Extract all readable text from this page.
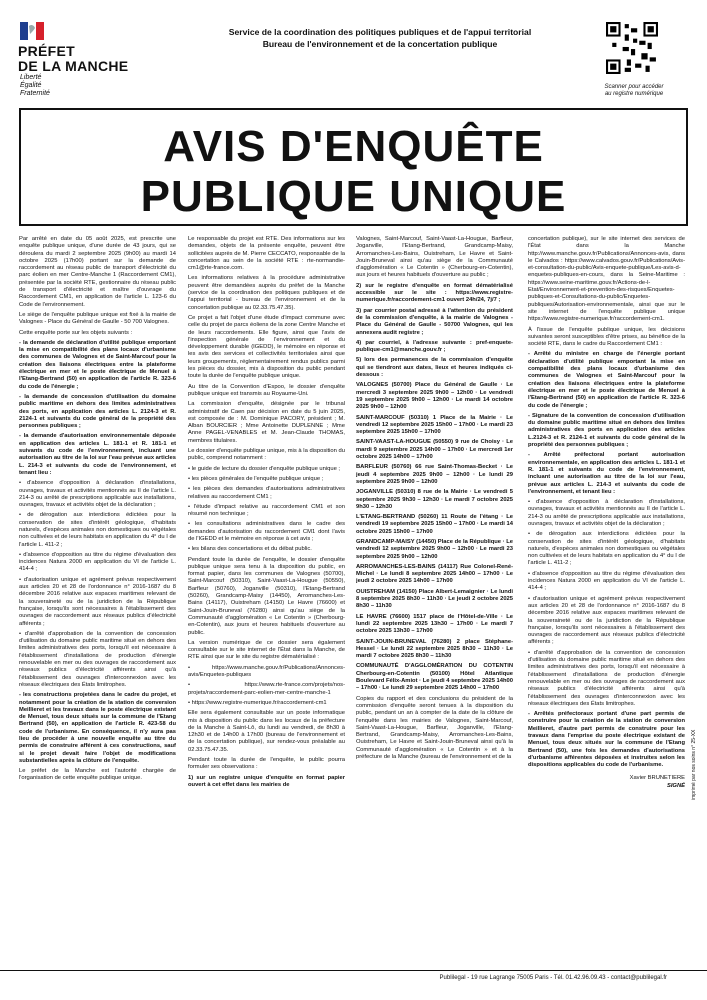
PRÉFET
DE LA MANCHE
Liberté
Égalité
Fraternité
Service de la coordination des politiques publiques et de l'appui territorial
Bureau de l'environnement et de la concertation publique
Scanner pour accéder
au registre numérique
AVIS D'ENQUÊTE
PUBLIQUE UNIQUE

Par arrêté en date du 05 août 2025, est prescrite une enquête publique unique, d'une durée de 43 jours, qui se déroulera du mardi 2 septembre 2025 (9h00) au mardi 14 octobre 2025 (17h00) portant sur la demande de raccordement au réseau public de transport d'électricité du parc éolien en mer Centre-Manche 1 (Raccordement CM1), présentée par la société RTE, gestionnaire du réseau public de transport d'électricité et maître d'ouvrage du Raccordement CM1, en application de l'article L. 123-6 du Code de l'environnement.

Le siège de l'enquête publique unique est fixé à la mairie de Valognes - Place du Général de Gaulle - 50 700 Valognes.

Cette enquête porte sur les objets suivants :

- la demande de déclaration d'utilité publique emportant la mise en compatibilité des plans locaux d'urbanisme des communes de Valognes et de Saint-Marcouf pour la création des liaisons électriques entre la plateforme électrique en mer et le poste électrique de Menuel à l'Etang-Bertrand (50) en application de l'article R. 323-6 du code de l'énergie ;

- la demande de concession d'utilisation du domaine public maritime en dehors des limites administratives des ports, en application des articles L. 2124-3 et R. 2124-1 et suivants du code général de la propriété des personnes publiques ;

- la demande d'autorisation environnementale déposée en application des articles L. 181-1 et R. 181-1 et suivants du code de l'environnement, incluant une autorisation au titre de la loi sur l'eau prévue aux articles L. 214-3 et suivants du code de l'environnement, et tenant lieu :

• d'absence d'opposition à déclaration d'installations, ouvrages, travaux et activités mentionnés au II de l'article L. 214-3 ou arrêté de prescriptions applicable aux installations, ouvrages, travaux et activités objet de la déclaration ;

• de dérogation aux interdictions édictées pour la conservation de sites d'intérêt géologique, d'habitats naturels, d'espèces animales non domestiques ou végétales non cultivées et de leurs habitats en application du 4° du I de l'article L. 411-2 ;

• d'absence d'opposition au titre du régime d'évaluation des incidences Natura 2000 en application du VI de l'article L. 414-4 ;

• d'autorisation unique et agrément prévus respectivement aux articles 20 et 28 de l'ordonnance n° 2016-1687 du 8 décembre 2016 relative aux espaces maritimes relevant de la souveraineté ou de la juridiction de la République française, lorsqu'ils sont nécessaires à l'établissement des ouvrages de raccordement aux réseaux publics d'électricité afférents ;

• d'arrêté d'approbation de la convention de concession d'utilisation du domaine public maritime situé en dehors des limites administratives des ports, lorsqu'il est nécessaire à l'établissement d'installations de production d'énergie renouvelable en mer ou des ouvrages de raccordement aux réseaux publics d'électricité afférents ainsi qu'à l'établissement des ouvrages d'interconnexion avec les réseaux électriques des États limitrophes.

- les constructions projetées dans le cadre du projet, et notamment pour la création de la station de conversion Meillieret et les travaux dans le poste électrique existant de Menuel, tous deux situés sur la commune de l'Etang Bertrand (50), en application de l'article R. 423-58 du code de l'urbanisme. En conséquence, il n'y aura pas lieu de procéder à une nouvelle enquête au titre du permis de construire afférent à ces constructions, sauf si le projet devait faire l'objet de modifications substantielles après la clôture de l'enquête.

Le préfet de la Manche est l'autorité chargée de l'organisation de cette enquête publique unique.

Le responsable du projet est RTE. Des informations sur les demandes, objets de la présente enquête, peuvent être sollicitées auprès de M. Pierre CECCATO, responsable de la concertation au sein de la société RTE : rte-normandie-cm1@rte-france.com.

Les informations relatives à la procédure administrative peuvent être demandées auprès du préfet de la Manche (service de la coordination des politiques publiques et de l'appui territorial - bureau de l'environnement et de la concertation publique au 02.33.75.47.35).

Ce projet a fait l'objet d'une étude d'impact commune avec celle du projet de parcs éoliens de la zone Centre Manche et de leurs raccordements. Elle figure, ainsi que l'avis de l'inspection générale de l'environnement et du développement durable (IGEDD), le mémoire en réponse et les avis des services et collectivités territoriales ainsi que leurs groupements, réglementairement rendus publics parmi les pièces du dossier, mis à disposition du public pendant toute la durée de l'enquête publique unique.

Au titre de la Convention d'Espoo, le dossier d'enquête publique unique est transmis au Royaume-Uni.

La commission d'enquête, désignée par le tribunal administratif de Caen par décision en date du 5 juin 2025, est composée de : M. Dominique PACORY, président ; M. Alban BOURCIER ; Mme Antoinette DUPLENNE ; Mme Anne PAGEL-VENABLES et M. Jean-Claude THOMAS, membres titulaires.

Le dossier d'enquête publique unique, mis à la disposition du public, comprend notamment :

• le guide de lecture du dossier d'enquête publique unique ;

• les pièces générales de l'enquête publique unique ;

• les pièces des demandes d'autorisations administratives relatives au raccordement CM1 ;

• l'étude d'impact relative au raccordement CM1 et son résumé non technique ;

• les consultations administratives dans le cadre des demandes d'autorisation du raccordement CM1 dont l'avis de l'IGEDD et le mémoire en réponse à cet avis ;

• les bilans des concertations et du débat public.

Pendant toute la durée de l'enquête, le dossier d'enquête publique unique sera tenu à la disposition du public, en format papier, dans les communes de Valognes (50700), Saint-Marcouf (50310), Saint-Vaast-La-Hougue (50550), Barfleur (50760), Joganville (50310), l'Etang-Bertrand (50260), Grandcamp-Maisy (14450), Arromanches-Les-Bains (14117), Ouistreham (14150) Le Havre (76600) et Saint-Jouin-Bruneval (76280) ainsi qu'au siège de la Communauté d'agglomération « Le Cotentin » (Cherbourg-en-Cotentin), aux jours et heures habituels d'ouverture au public.

La version numérique de ce dossier sera également consultable sur le site internet de l'État dans la Manche, de RTE ainsi que sur le site du registre dématérialisé :

• https://www.manche.gouv.fr/Publications/Annonces-avis/Enquetes-publiques

• https://www.rte-france.com/projets/nos-projets/raccordement-parc-eolien-mer-centre-manche-1

• https://www.registre-numerique.fr/raccordement-cm1

Elle sera également consultable sur un poste informatique mis à disposition du public dans les locaux de la préfecture de la Manche à Saint-Lô, du lundi au vendredi, de 8h30 à 12h30 et de 14h00 à 17h00 (bureau de l'environnement et de la concertation publique), sur rendez-vous préalable au 02.33.75.47.35.

Pendant toute la durée de l'enquête, le public pourra formuler ses observations :

1) sur un registre unique d'enquête en format papier ouvert à cet effet dans les mairies de

Valognes, Saint-Marcouf, Saint-Vaast-La-Hougue, Barfleur, Joganville, l'Etang-Bertrand, Grandcamp-Maisy, Arromanches-Les-Bains, Ouistreham, Le Havre et Saint-Jouin-Bruneval ainsi qu'au siège de la Communauté d'agglomération « Le Cotentin » (Cherbourg-en-Cotentin), aux jours et heures habituels d'ouverture au public ;

2) sur le registre d'enquête en format dématérialisé accessible sur le site : https://www.registre-numerique.fr/raccordement-cm1 ouvert 24h/24, 7j/7 ;

3) par courrier postal adressé à l'attention du président de la commission d'enquête, à la mairie de Valognes - Place du Général de Gaulle - 50700 Valognes, qui les annexera audit registre ;

4) par courriel, à l'adresse suivante : pref-enquete-publique-cm1@manche.gouv.fr ;

5) lors des permanences de la commission d'enquête qui se tiendront aux dates, lieux et heures indiqués ci-dessous :

VALOGNES (50700) Place du Général de Gaulle · Le mercredi 3 septembre 2025 9h00 – 12h00 · Le vendredi 19 septembre 2025 9h00 – 12h00 · Le mardi 14 octobre 2025 9h00 – 12h00

SAINT-MARCOUF (50310) 1 Place de la Mairie · Le vendredi 12 septembre 2025 15h00 – 17h00 · Le mardi 23 septembre 2025 15h00 – 17h00

SAINT-VAAST-LA-HOUGUE (50550) 9 rue de Choisy · Le mardi 9 septembre 2025 14h00 – 17h00 · Le mercredi 1er octobre 2025 14h00 – 17h00

BARFLEUR (50760) 66 rue Saint-Thomas-Becket · Le jeudi 4 septembre 2025 9h00 – 12h00 · Le lundi 29 septembre 2025 9h00 – 12h00

JOGANVILLE (50310) 8 rue de la Mairie · Le vendredi 5 septembre 2025 9h30 – 12h30 · Le mardi 7 octobre 2025 9h30 – 12h30

L'ETANG-BERTRAND (50260) 11 Route de l'étang · Le vendredi 19 septembre 2025 15h00 – 17h00 · Le mardi 14 octobre 2025 15h00 – 17h00

GRANDCAMP-MAISY (14450) Place de la République · Le vendredi 12 septembre 2025 9h00 – 12h00 · Le mardi 23 septembre 2025 9h00 – 12h00

ARROMANCHES-LES-BAINS (14117) Rue Colonel-René-Michel · Le lundi 8 septembre 2025 14h00 – 17h00 · Le jeudi 2 octobre 2025 14h00 – 17h00

OUISTREHAM (14150) Place Albert-Lemaignier · Le lundi 8 septembre 2025 8h30 – 11h30 · Le jeudi 2 octobre 2025 8h30 – 11h30

LE HAVRE (76600) 1517 place de l'Hôtel-de-Ville · Le lundi 22 septembre 2025 13h30 – 17h00 · Le mardi 7 octobre 2025 13h30 – 17h00

SAINT-JOUIN-BRUNEVAL (76280) 2 place Stéphane-Hessel · Le lundi 22 septembre 2025 8h30 – 11h30 · Le mardi 7 octobre 2025 8h30 – 11h30

COMMUNAUTÉ D'AGGLOMÉRATION DU COTENTIN Cherbourg-en-Cotentin (50100) Hôtel Atlantique Boulevard Félix-Amiot · Le jeudi 4 septembre 2025 14h00 – 17h00 · Le lundi 29 septembre 2025 14h00 – 17h00

Copies du rapport et des conclusions du président de la commission d'enquête seront tenues à la disposition du public, pendant un an à compter de la date de la clôture de l'enquête dans les mairies de Valognes, Saint-Marcouf, Saint-Vaast-La-Hougue, Barfleur, Joganville, l'Etang-Bertrand, Grandcamp-Maisy, Arromanches-Les-Bains, Ouistreham, Le Havre et Saint-Jouin-Bruneval ainsi qu'à la Communauté d'agglomération « Le Cotentin » et à la préfecture de la Manche (bureau de l'environnement et de la

concertation publique), sur le site internet des services de l'État dans la Manche http://www.manche.gouv.fr/Publications/Annonces-avis, dans le Calvados : https://www.calvados.gouv.fr/Publications/Avis-et-consultation-du-public/Avis-enquete-publique/Les-avis-d-enquetes-publiques-en-cours, dans la Seine-Maritime : https://www.seine-maritime.gouv.fr/Actions-de-l-Etat/Environnement-et-prevention-des-risques/Enquetes-publiques-et-Consultations-du-public/Enquetes-publiques/Autorisation-environnementale, ainsi que sur le site internet de l'enquête publique unique https://www.registre-numerique.fr/raccordement-cm1.

À l'issue de l'enquête publique unique, les décisions suivantes seront susceptibles d'être prises, au bénéfice de la société RTE, dans le cadre du Raccordement CM1 :

- Arrêté du ministre en charge de l'énergie portant déclaration d'utilité publique emportant la mise en compatibilité des plans locaux d'urbanisme des communes de Valognes et Saint-Marcouf pour la création des liaisons électriques entre la plateforme électrique en mer et le poste électrique de Menuel à l'Etang-Bertrand (50) en application de l'article R. 323-6 du code de l'énergie ;

- Signature de la convention de concession d'utilisation du domaine public maritime situé en dehors des limites administratives des ports en application des articles L.2124-3 et R. 2124-1 et suivants du code général de la propriété des personnes publiques ;

- Arrêté préfectoral portant autorisation environnementale, en application des articles L. 181-1 et R. 181-1 et suivants du code de l'environnement, incluant une autorisation au titre de la loi sur l'eau, prévue aux articles L. 214-3 et suivants du code de l'environnement, et tenant lieu :

• d'absence d'opposition à déclaration d'installations, ouvrages, travaux et activités mentionnés au II de l'article L. 214-3 ou arrêté de prescriptions applicable aux installations, ouvrages, travaux et activités objet de la déclaration ;

• de dérogation aux interdictions édictées pour la conservation de sites d'intérêt géologique, d'habitats naturels, d'espèces animales non domestiques ou végétales non cultivées et de leurs habitats en application du 4° du I de l'article L. 411-2 ;

• d'absence d'opposition au titre du régime d'évaluation des incidences Natura 2000 en application du VI de l'article L. 414-4 ;

• d'autorisation unique et agrément prévus respectivement aux articles 20 et 28 de l'ordonnance n° 2016-1687 du 8 décembre 2016 relative aux espaces maritimes relevant de la souveraineté ou de la juridiction de la République française, lorsqu'ils sont nécessaires à l'établissement des ouvrages de raccordement aux réseaux publics d'électricité afférents ;

• d'arrêté d'approbation de la convention de concession d'utilisation du domaine public maritime situé en dehors des limites administratives des ports, lorsqu'il est nécessaire à l'établissement d'installations de production d'énergie renouvelable en mer ou des ouvrages de raccordement aux réseaux publics d'électricité afférents ainsi qu'à l'établissement des ouvrages d'interconnexion avec les réseaux électriques des États limitrophes.

- Arrêtés préfectoraux portant d'une part permis de construire pour la création de la station de conversion Meillieret, d'autre part permis de construire pour les travaux dans l'emprise du poste électrique existant de Menuel, tous deux situés sur la commune de l'Etang Bertrand (50), une fois les demandes d'autorisations d'urbanisme afférentes déposées et instruites selon les dispositions applicables du code de l'urbanisme.

Xavier BRUNETIERE
SIGNÉ imprimé par nos soins n° 25-XX
Publilegal - 19 rue Lagrange 75005 Paris - Tél. 01.42.96.09.43 - contact@publilegal.fr
